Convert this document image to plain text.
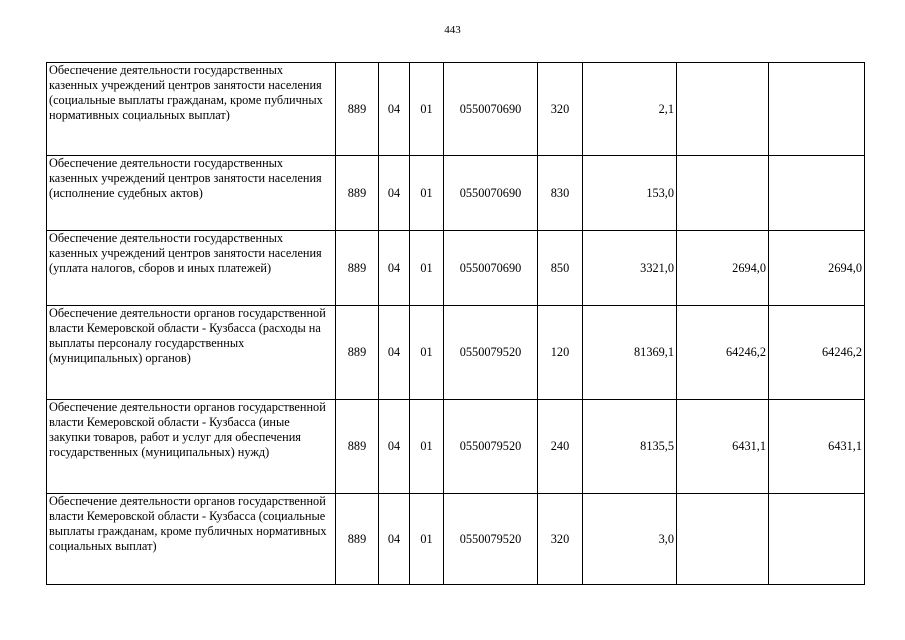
443
Обеспечение деятельности государственных казенных учреждений центров занятости населения (социальные выплаты гражданам, кроме публичных нормативных социальных выплат)	889	04	01	0550070690	320	2,1		
Обеспечение деятельности государственных казенных учреждений центров занятости населения (исполнение судебных актов)	889	04	01	0550070690	830	153,0		
Обеспечение деятельности государственных казенных учреждений центров занятости населения (уплата налогов, сборов и иных платежей)	889	04	01	0550070690	850	3321,0	2694,0	2694,0
Обеспечение деятельности органов государственной власти Кемеровской области - Кузбасса (расходы на выплаты персоналу государственных (муниципальных) органов)	889	04	01	0550079520	120	81369,1	64246,2	64246,2
Обеспечение деятельности органов государственной власти Кемеровской области - Кузбасса (иные закупки товаров, работ и услуг для обеспечения государственных (муниципальных) нужд)	889	04	01	0550079520	240	8135,5	6431,1	6431,1
Обеспечение деятельности органов государственной власти Кемеровской области - Кузбасса (социальные выплаты гражданам, кроме публичных нормативных социальных выплат)	889	04	01	0550079520	320	3,0		
